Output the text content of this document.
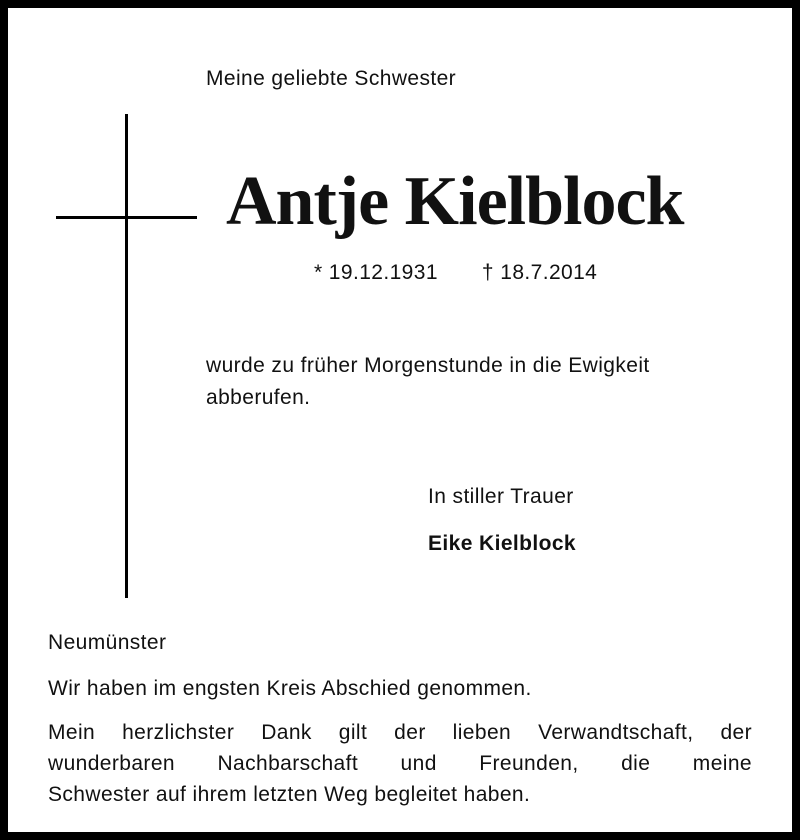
Meine geliebte Schwester
Antje Kielblock
* 19.12.1931 † 18.7.2014
wurde zu früher Morgenstunde in die Ewigkeit
abberufen.
In stiller Trauer
Eike Kielblock
Neumünster
Wir haben im engsten Kreis Abschied genommen.
Mein herzlichster Dank gilt der lieben Verwandtschaft, der
wunderbaren Nachbarschaft und Freunden, die meine
Schwester auf ihrem letzten Weg begleitet haben.
